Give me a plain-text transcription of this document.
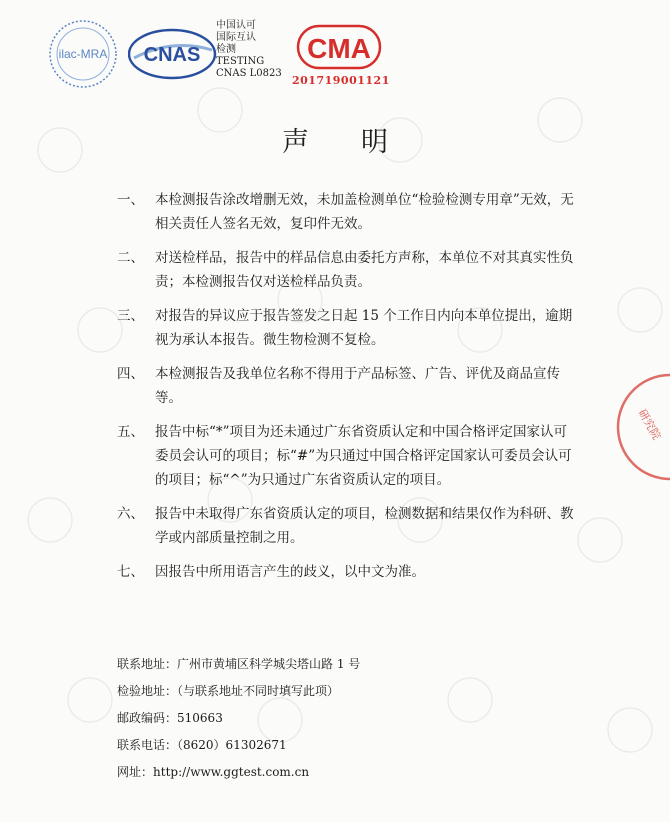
ilac-MRA CNAS
中国认可
国际互认
检测
TESTING
CNAS L0823
CMA
201719001121
声明
一、 本检测报告涂改增删无效，未加盖检测单位“检验检测专用章”无效，无相关责任人签名无效，复印件无效。
二、 对送检样品，报告中的样品信息由委托方声称，本单位不对其真实性负责；本检测报告仅对送检样品负责。
三、 对报告的异议应于报告签发之日起 15 个工作日内向本单位提出，逾期视为承认本报告。微生物检测不复检。
四、 本检测报告及我单位名称不得用于产品标签、广告、评优及商品宣传等。
五、 报告中标“*”项目为还未通过广东省资质认定和中国合格评定国家认可委员会认可的项目；标“#”为只通过中国合格评定国家认可委员会认可的项目；标“^”为只通过广东省资质认定的项目。
六、 报告中未取得广东省资质认定的项目，检测数据和结果仅作为科研、教学或内部质量控制之用。
七、 因报告中所用语言产生的歧义，以中文为准。
研究院
联系地址：广州市黄埔区科学城尖塔山路 1 号
检验地址：（与联系地址不同时填写此项）
邮政编码：510663
联系电话：（8620）61302671
网址：http://www.ggtest.com.cn
